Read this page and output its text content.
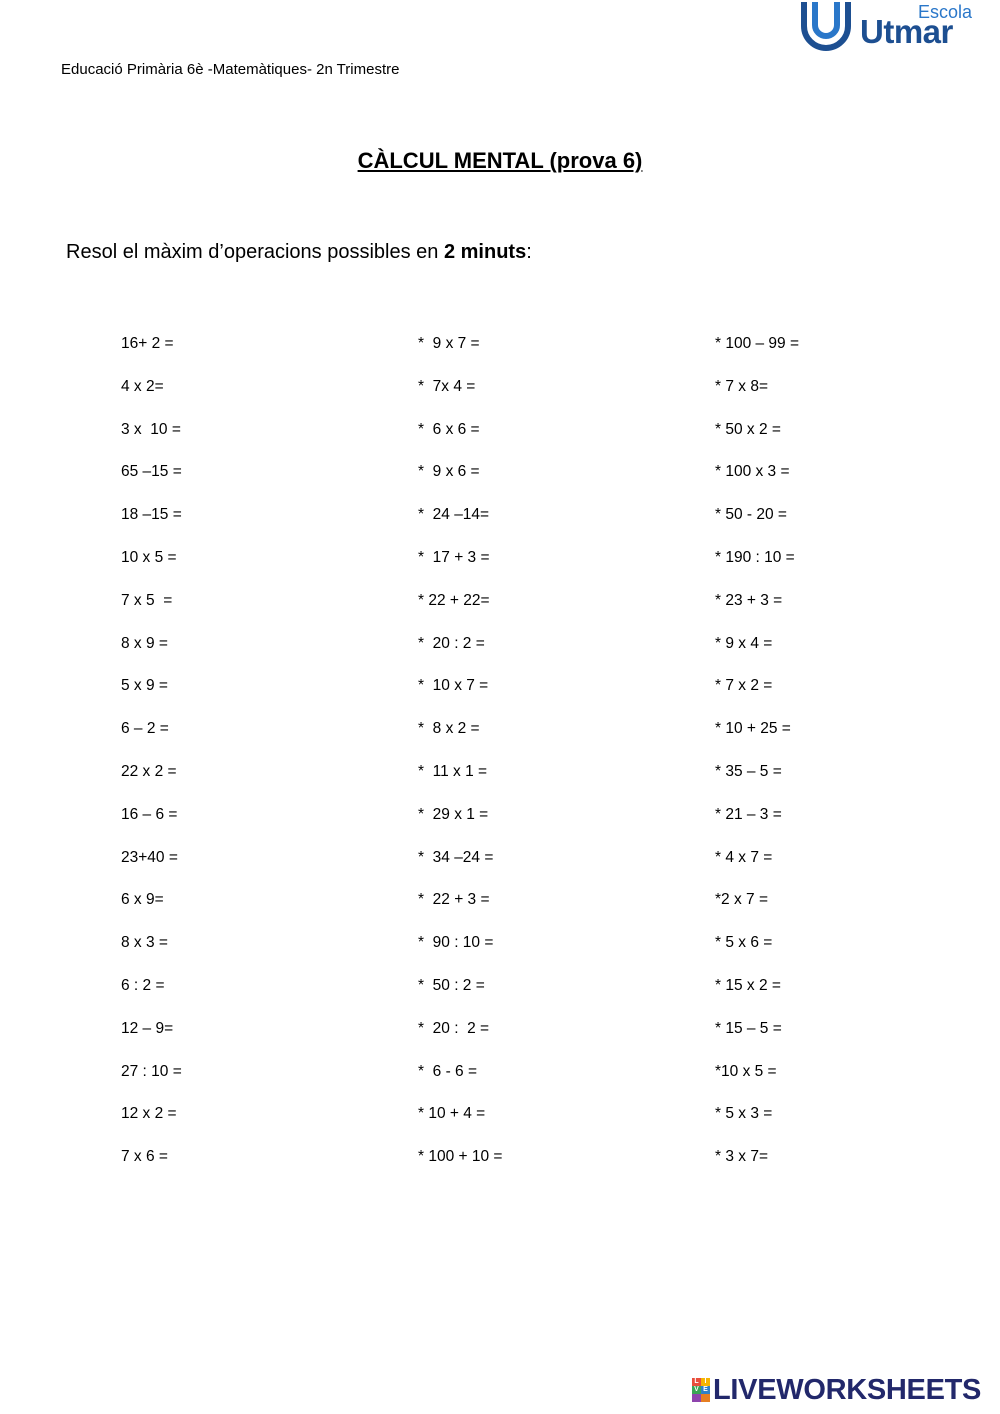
Educació Primària 6è -Matemàtiques- 2n Trimestre
Escola
Utmar
CÀLCUL MENTAL (prova 6)
Resol el màxim d’operacions possibles en 2 minuts:
16+ 2 =
4 x 2=
3 x  10 =
65 –15 =
18 –15 =
10 x 5 =
7 x 5  =
8 x 9 =
5 x 9 =
6 – 2 =
22 x 2 =
16 – 6 =
23+40 =
6 x 9=
8 x 3 =
6 : 2 =
12 – 9=
27 : 10 =
12 x 2 =
7 x 6 =
*  9 x 7 =
*  7x 4 =
*  6 x 6 =
*  9 x 6 =
*  24 –14=
*  17 + 3 =
* 22 + 22=
*  20 : 2 =
*  10 x 7 =
*  8 x 2 =
*  11 x 1 =
*  29 x 1 =
*  34 –24 =
*  22 + 3 =
*  90 : 10 =
*  50 : 2 =
*  20 :  2 =
*  6 - 6 =
* 10 + 4 =
* 100 + 10 =
* 100 – 99 =
* 7 x 8=
* 50 x 2 =
* 100 x 3 =
* 50 - 20 =
* 190 : 10 =
* 23 + 3 =
* 9 x 4 =
* 7 x 2 =
* 10 + 25 =
* 35 – 5 =
* 21 – 3 =
* 4 x 7 =
*2 x 7 =
* 5 x 6 =
* 15 x 2 =
* 15 – 5 =
*10 x 5 =
* 5 x 3 =
* 3 x 7=
L I
V E LIVEWORKSHEETS
